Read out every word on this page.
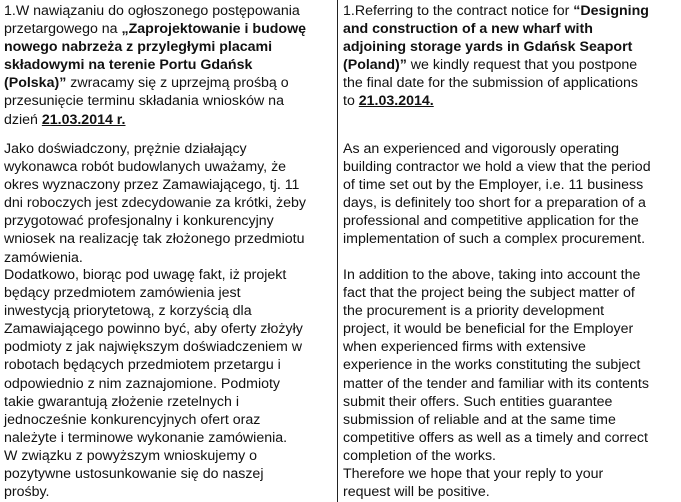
1.W nawiązaniu do ogłoszonego postępowania
przetargowego na „Zaprojektowanie i budowę
nowego nabrzeża z przyległymi placami
składowymi na terenie Portu Gdańsk
(Polska)” zwracamy się z uprzejmą prośbą o
przesunięcie terminu składania wniosków na
dzień 21.03.2014 r.
Jako doświadczony, prężnie działający
wykonawca robót budowlanych uważamy, że
okres wyznaczony przez Zamawiającego, tj. 11
dni roboczych jest zdecydowanie za krótki, żeby
przygotować profesjonalny i konkurencyjny
wniosek na realizację tak złożonego przedmiotu
zamówienia.
Dodatkowo, biorąc pod uwagę fakt, iż projekt
będący przedmiotem zamówienia jest
inwestycją priorytetową, z korzyścią dla
Zamawiającego powinno być, aby oferty złożyły
podmioty z jak największym doświadczeniem w
robotach będących przedmiotem przetargu i
odpowiednio z nim zaznajomione. Podmioty
takie gwarantują złożenie rzetelnych i
jednocześnie konkurencyjnych ofert oraz
należyte i terminowe wykonanie zamówienia.
W związku z powyższym wnioskujemy o
pozytywne ustosunkowanie się do naszej
prośby.
1.Referring to the contract notice for “Designing
and construction of a new wharf with
adjoining storage yards in Gdańsk Seaport
(Poland)” we kindly request that you postpone
the final date for the submission of applications
to 21.03.2014.
As an experienced and vigorously operating
building contractor we hold a view that the period
of time set out by the Employer, i.e. 11 business
days, is definitely too short for a preparation of a
professional and competitive application for the
implementation of such a complex procurement.
In addition to the above, taking into account the
fact that the project being the subject matter of
the procurement is a priority development
project, it would be beneficial for the Employer
when experienced firms with extensive
experience in the works constituting the subject
matter of the tender and familiar with its contents
submit their offers. Such entities guarantee
submission of reliable and at the same time
competitive offers as well as a timely and correct
completion of the works.
Therefore we hope that your reply to your
request will be positive.
